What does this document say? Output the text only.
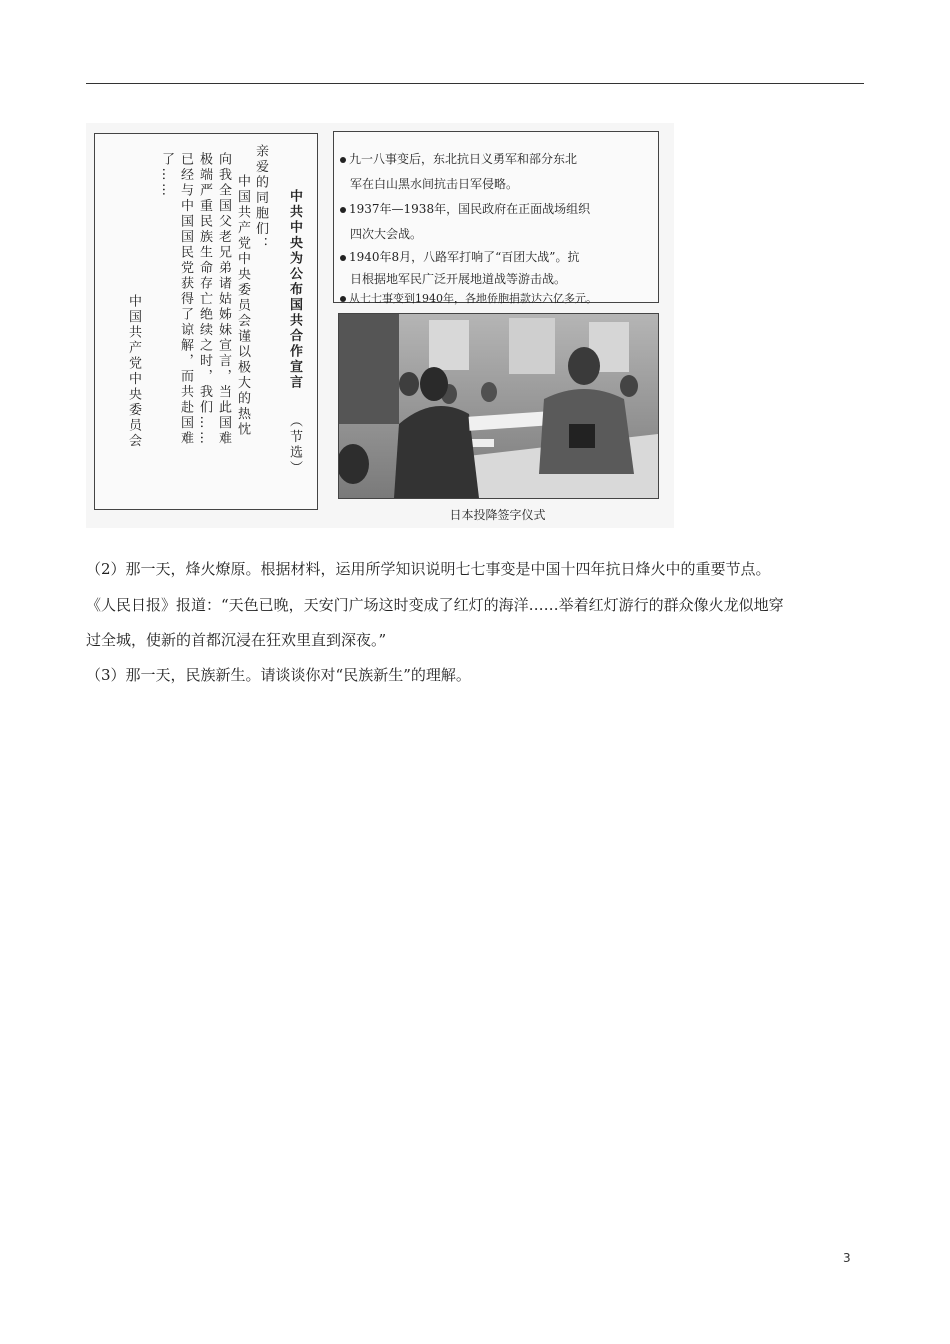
中共中央为公布国共合作宣言
（节选）
亲爱的同胞们：
中国共产党中央委员会谨以极大的热忱
向我全国父老兄弟诸姑姊妹宣言，当此国难
极端严重民族生命存亡绝续之时，我们……
已经与中国国民党获得了谅解，而共赴国难
了……
中国共产党中央委员会
九一八事变后，东北抗日义勇军和部分东北
军在白山黑水间抗击日军侵略。
1937年—1938年，国民政府在正面战场组织
四次大会战。
1940年8月，八路军打响了“百团大战”。抗
日根据地军民广泛开展地道战等游击战。
从七七事变到1940年，各地侨胞捐款达六亿多元。
日本投降签字仪式
（2）那一天，烽火燎原。根据材料，运用所学知识说明七七事变是中国十四年抗日烽火中的重要节点。
《人民日报》报道：“天色已晚，天安门广场这时变成了红灯的海洋……举着红灯游行的群众像火龙似地穿
过全城，使新的首都沉浸在狂欢里直到深夜。”
（3）那一天，民族新生。请谈谈你对“民族新生”的理解。
3
